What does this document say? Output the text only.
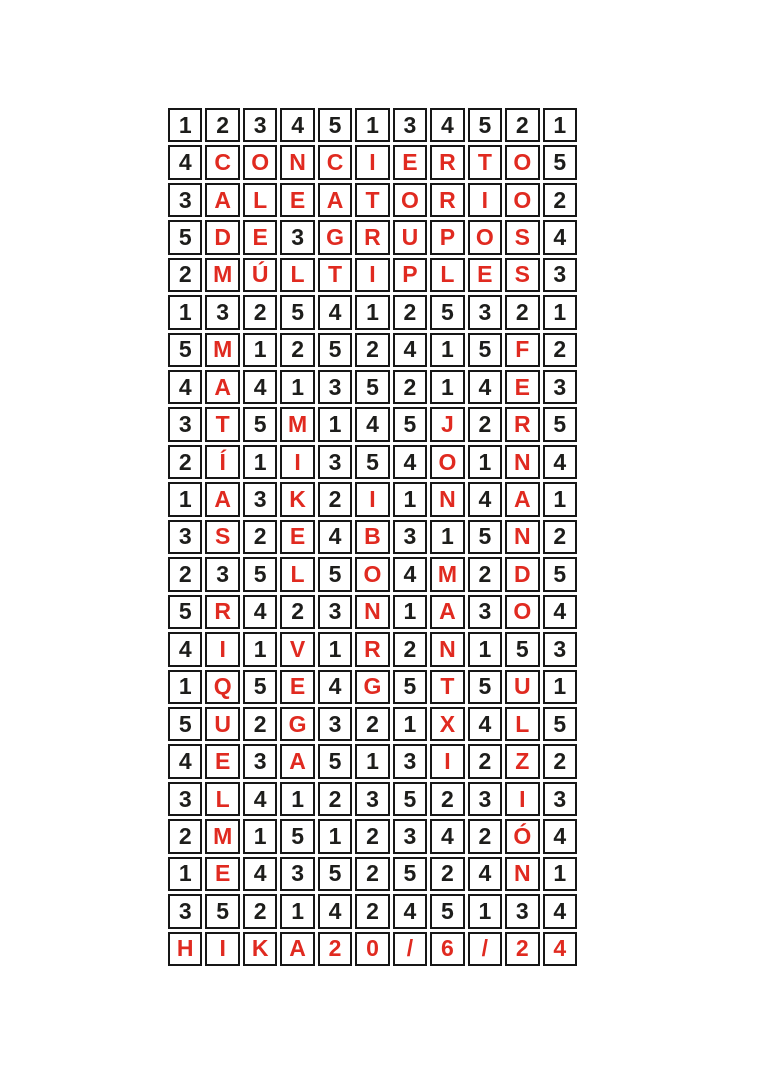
1	2	3	4	5	1	3	4	5	2	1
4 C O N C	I	E R T O 5
3 A L E A T O R	I	O 2
5 D E	3 G R U P O S	4
2 M Ú L	T	I	P L E S	3
1	3	2	5	4	1	2	5	3	2	1
5 M 1	2	5	2	4	1	5	F	2
4 A 4	1	3	5	2	1	4	E	3
3	T	5 M 1	4	5	J	2 R 5
2	Í	1	I	3	5	4 O 1 N 4
1 A 3 K 2	I	1 N 4 A 1
3	S	2	E	4 B 3	1	5 N 2
2	3	5	L	5 O 4 M 2 D 5
5 R 4	2	3 N 1 A 3 O 4
4	I	1	V	1 R 2 N 1	5	3
1 Q 5	E	4 G 5	T	5 U 1
5 U 2 G 3	2	1	X	4	L	5
4	E	3 A 5	1	3	I	2	Z	2
3	L	4	1	2	3	5	2	3	I	3
2 M 1	5	1	2	3	4	2 Ó 4
1	E	4	3	5	2	5	2	4 N 1
3	5	2	1	4	2	4	5	1	3	4
H	I	K A 2	0	/	6	/	2	4
